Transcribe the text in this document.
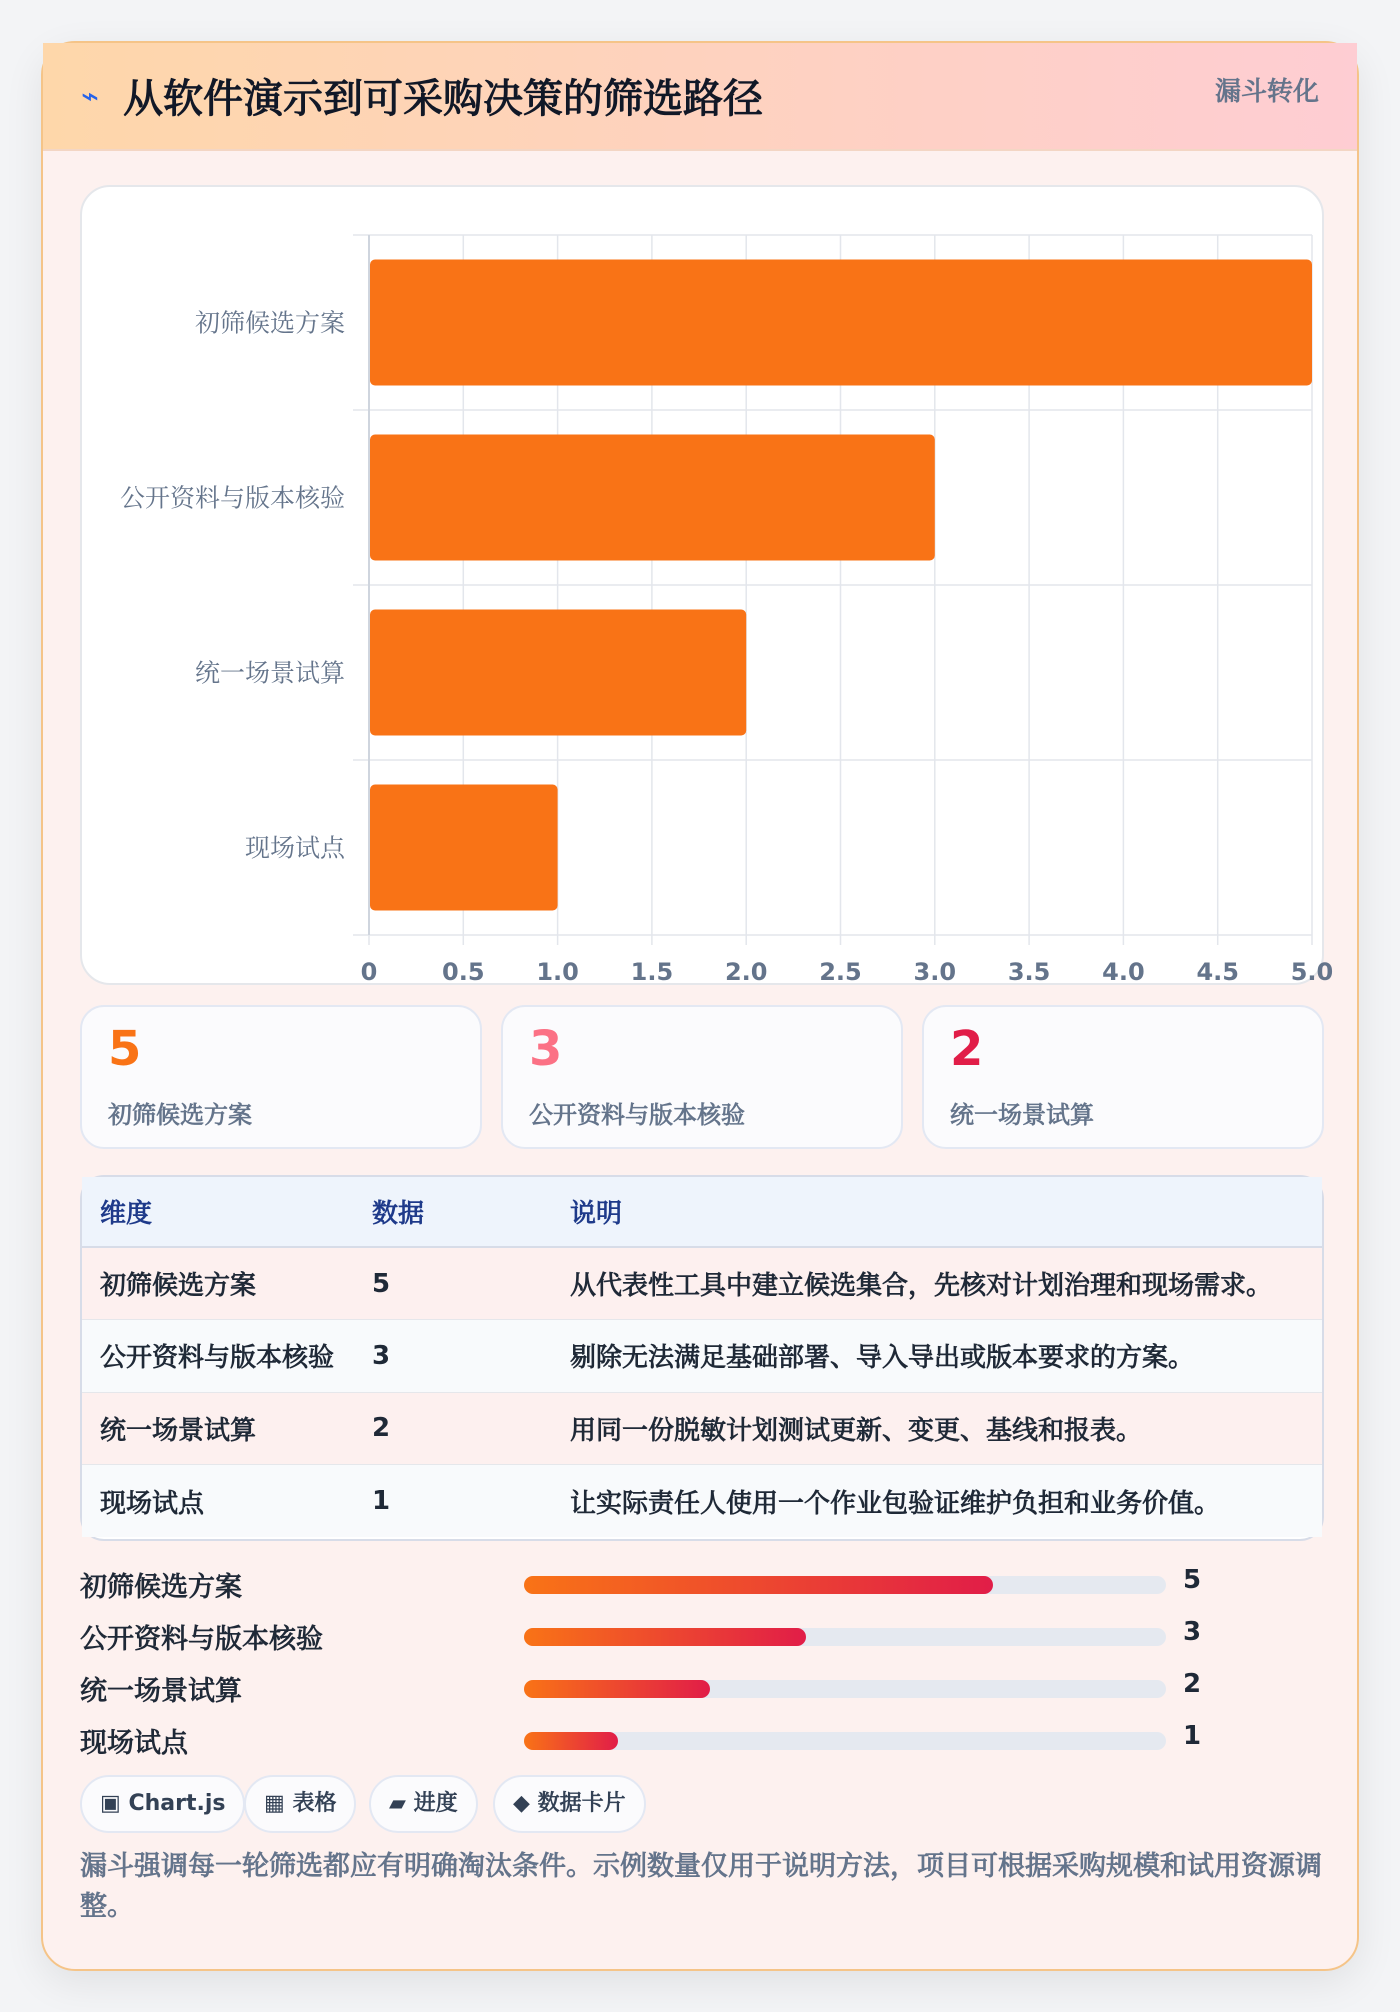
⌁ 从软件演示到可采购决策的筛选路径	漏斗转化
0	0.5 1.0 1.5 2.0 2.5 3.0 3.5 4.0 4.5 5.0
初筛候选方案
公开资料与版本核验
统一场景试算
现场试点
5
初筛候选方案
3
公开资料与版本核验
2
统一场景试算
维度	数据	说明
初筛候选方案	5	从代表性工具中建立候选集合，先核对计划治理和现场需求。
公开资料与版本核验	3	剔除无法满足基础部署、导入导出或版本要求的方案。
统一场景试算	2	用同一份脱敏计划测试更新、变更、基线和报表。
现场试点	1	让实际责任人使用一个作业包验证维护负担和业务价值。
初筛候选方案	5
公开资料与版本核验	3
统一场景试算	2
现场试点	1
▣ Chart.js	▦ 表格	▰ 进度	◆ 数据卡片
漏斗强调每一轮筛选都应有明确淘汰条件。示例数量仅用于说明方法，项目可根据采购规模和试用资源调整。
